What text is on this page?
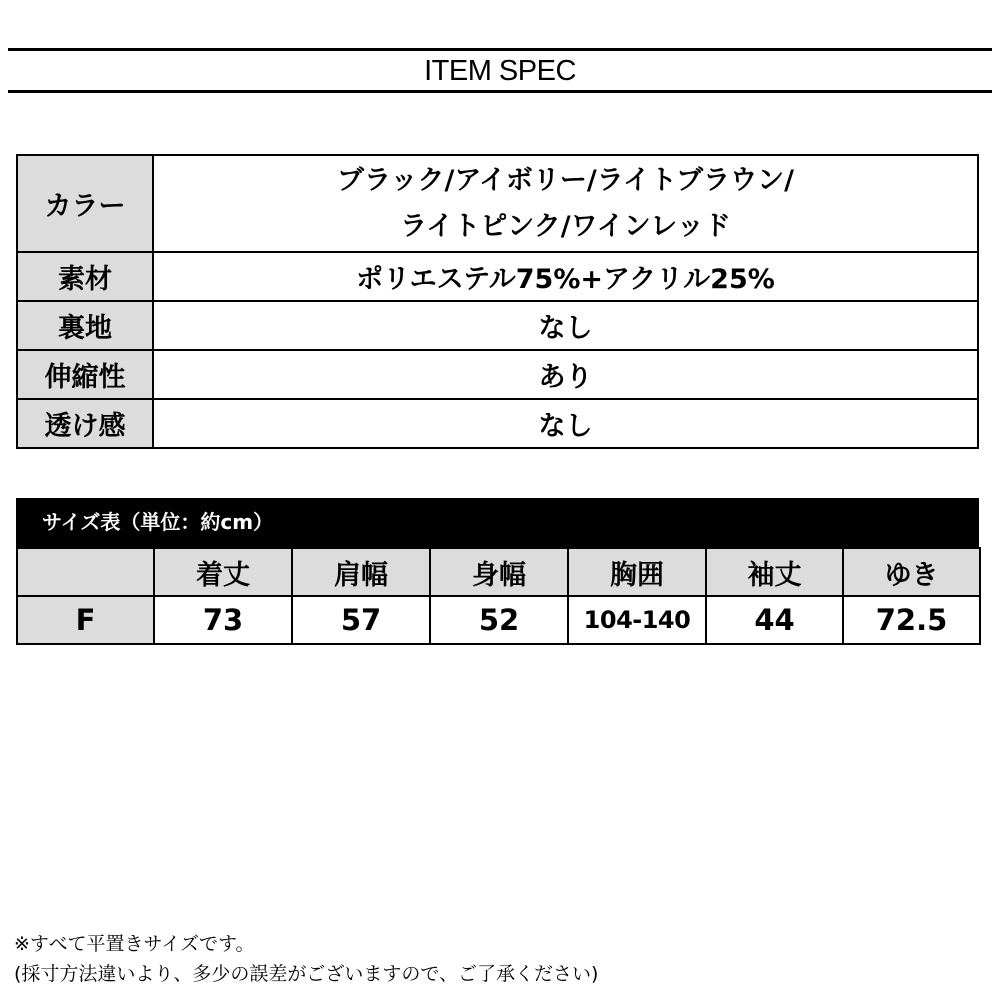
ITEM SPEC
カラー	ブラック/アイボリー/ライトブラウン/
ライトピンク/ワインレッド

素材	ポリエステル75%+アクリル25%
裏地	なし
伸縮性	あり
透け感	なし
サイズ表（単位：約cm）
	着丈	肩幅	身幅	胸囲	袖丈	ゆき
F	73	57	52	104-140	44	72.5
※すべて平置きサイズです。
(採寸方法違いより、多少の誤差がございますので、ご了承ください)
